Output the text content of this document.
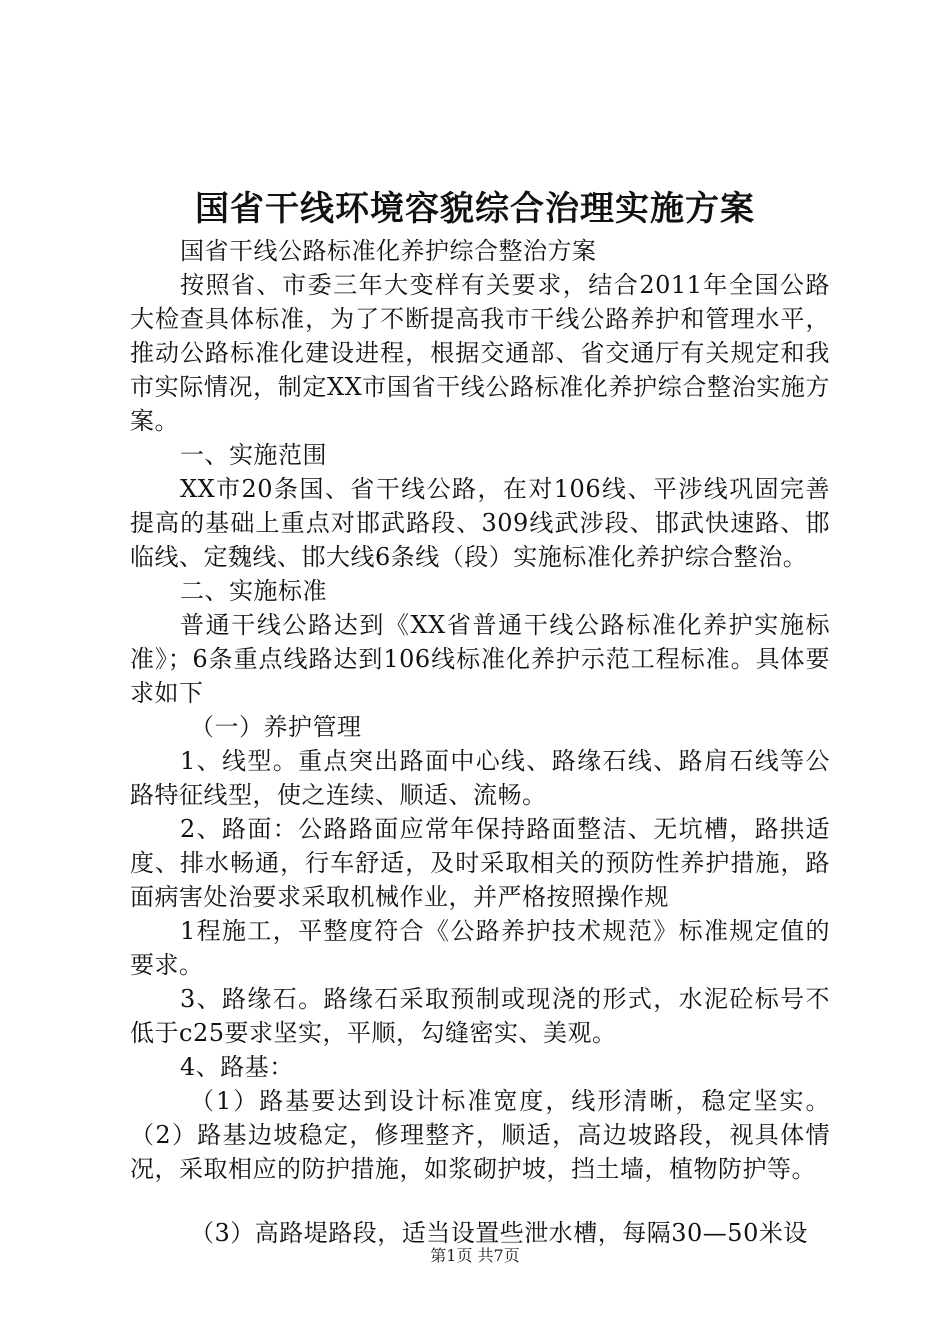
国省干线环境容貌综合治理实施方案

国省干线公路标准化养护综合整治方案

按照省、市委三年大变样有关要求，结合2011年全国公路大检查具体标准，为了不断提高我市干线公路养护和管理水平，推动公路标准化建设进程，根据交通部、省交通厅有关规定和我市实际情况，制定XX市国省干线公路标准化养护综合整治实施方案。

一、实施范围

XX市20条国、省干线公路，在对106线、平涉线巩固完善提高的基础上重点对邯武路段、309线武涉段、邯武快速路、邯临线、定魏线、邯大线6条线（段）实施标准化养护综合整治。

二、实施标准

普通干线公路达到《XX省普通干线公路标准化养护实施标准》；6条重点线路达到106线标准化养护示范工程标准。具体要求如下

（一）养护管理

1、线型。重点突出路面中心线、路缘石线、路肩石线等公路特征线型，使之连续、顺适、流畅。

2、路面：公路路面应常年保持路面整洁、无坑槽，路拱适度、排水畅通，行车舒适，及时采取相关的预防性养护措施，路面病害处治要求采取机械作业，并严格按照操作规

1程施工，平整度符合《公路养护技术规范》标准规定值的要求。

3、路缘石。路缘石采取预制或现浇的形式，水泥砼标号不低于c25要求坚实，平顺，勾缝密实、美观。

4、路基：

（1）路基要达到设计标准宽度，线形清晰，稳定坚实。（2）路基边坡稳定，修理整齐，顺适，高边坡路段，视具体情况，采取相应的防护措施，如浆砌护坡，挡土墙，植物防护等。

（3）高路堤路段，适当设置些泄水槽，每隔30—50米设

第1页 共7页
